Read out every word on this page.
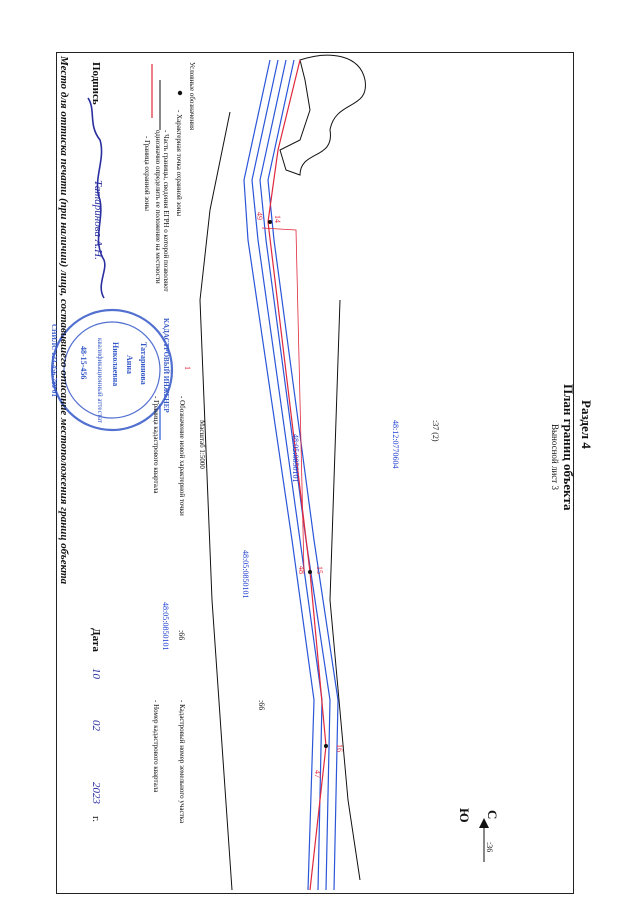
Раздел 4
План границ объекта
Выносной лист 3
:37 (2)
48:12:0770604
48:05:0850101
48:05:0850101
:66
14
49
15
48
16
47
С
Ю
:36
Условные обозначения
- Характерная точка охранной зоны
- Часть границы, сведения ЕГРН о которой позволяют однозначно определить ее положение на местности
- Граница охранной зоны
Масштаб 1:5000
- Обозначение новой характерной точки
- Граница кадастрового квартала
- Кадастровый номер земельного участка
- Номер кадастрового квартала
1
:66
48:05:0850101
Подпись
Татаринова А.Н.
КАДАСТРОВЫЙ ИНЖЕНЕР
Татаринова
Анна
Николаевна
квалификационный аттестат
48-15-456
СНИЛС 123-456-789 01
Дата
10
02
2023
г.
Место для оттиска печати (при наличии) лица, составившего описание местоположения границ объекта
